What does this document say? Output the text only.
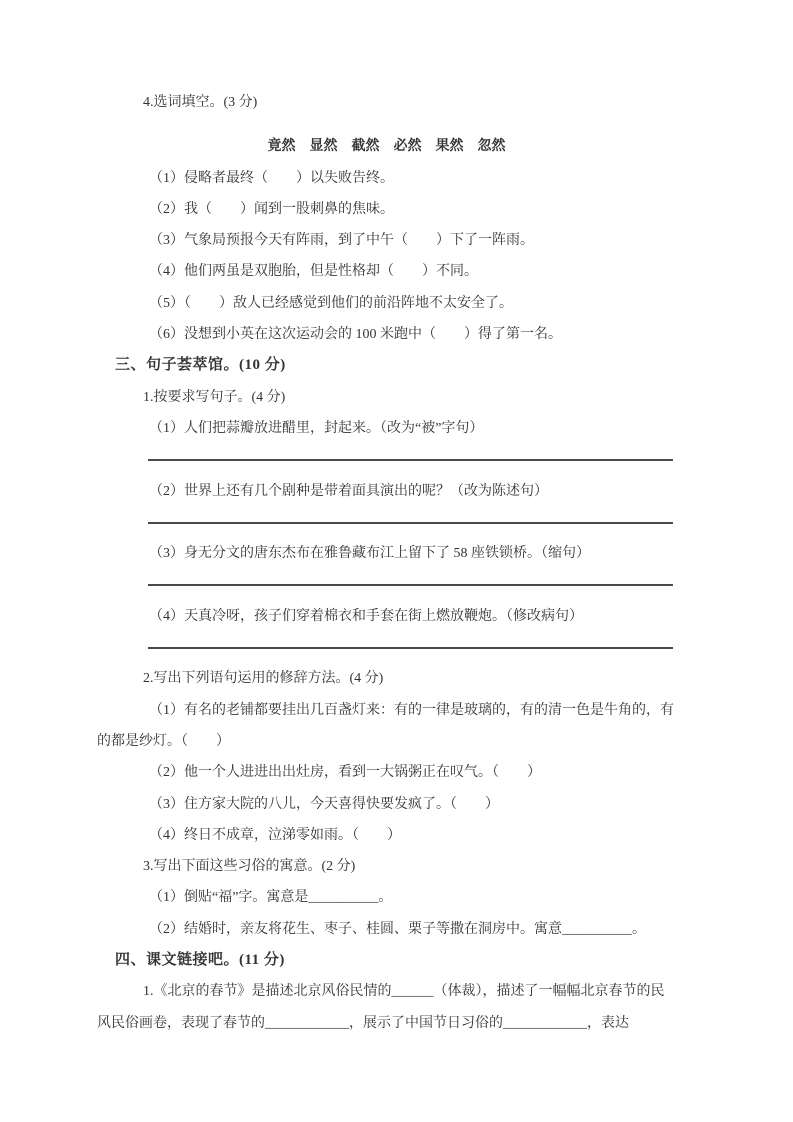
4.选词填空。(3 分)
竟然 显然 截然 必然 果然 忽然
（1）侵略者最终（　　）以失败告终。
（2）我（　　）闻到一股刺鼻的焦味。
（3）气象局预报今天有阵雨，到了中午（　　）下了一阵雨。
（4）他们两虽是双胞胎，但是性格却（　　）不同。
（5）（　　）敌人已经感觉到他们的前沿阵地不太安全了。
（6）没想到小英在这次运动会的 100 米跑中（　　）得了第一名。
三、句子荟萃馆。(10 分)
1.按要求写句子。(4 分)
（1）人们把蒜瓣放进醋里，封起来。（改为“被”字句）
（2）世界上还有几个剧种是带着面具演出的呢？（改为陈述句）
（3）身无分文的唐东杰布在雅鲁藏布江上留下了 58 座铁锁桥。（缩句）
（4）天真冷呀，孩子们穿着棉衣和手套在街上燃放鞭炮。（修改病句）
2.写出下列语句运用的修辞方法。(4 分)
（1）有名的老铺都要挂出几百盏灯来：有的一律是玻璃的，有的清一色是牛角的，有
的都是纱灯。（　　）
（2）他一个人进进出出灶房，看到一大锅粥正在叹气。（　　）
（3）住方家大院的八儿，今天喜得快要发疯了。（　　）
（4）终日不成章，泣涕零如雨。（　　）
3.写出下面这些习俗的寓意。(2 分)
（1）倒贴“福”字。寓意是__________。
（2）结婚时，亲友将花生、枣子、桂圆、栗子等撒在洞房中。寓意__________。
四、课文链接吧。(11 分)
1.《北京的春节》是描述北京风俗民情的______（体裁），描述了一幅幅北京春节的民
风民俗画卷，表现了春节的____________，展示了中国节日习俗的____________，表达
